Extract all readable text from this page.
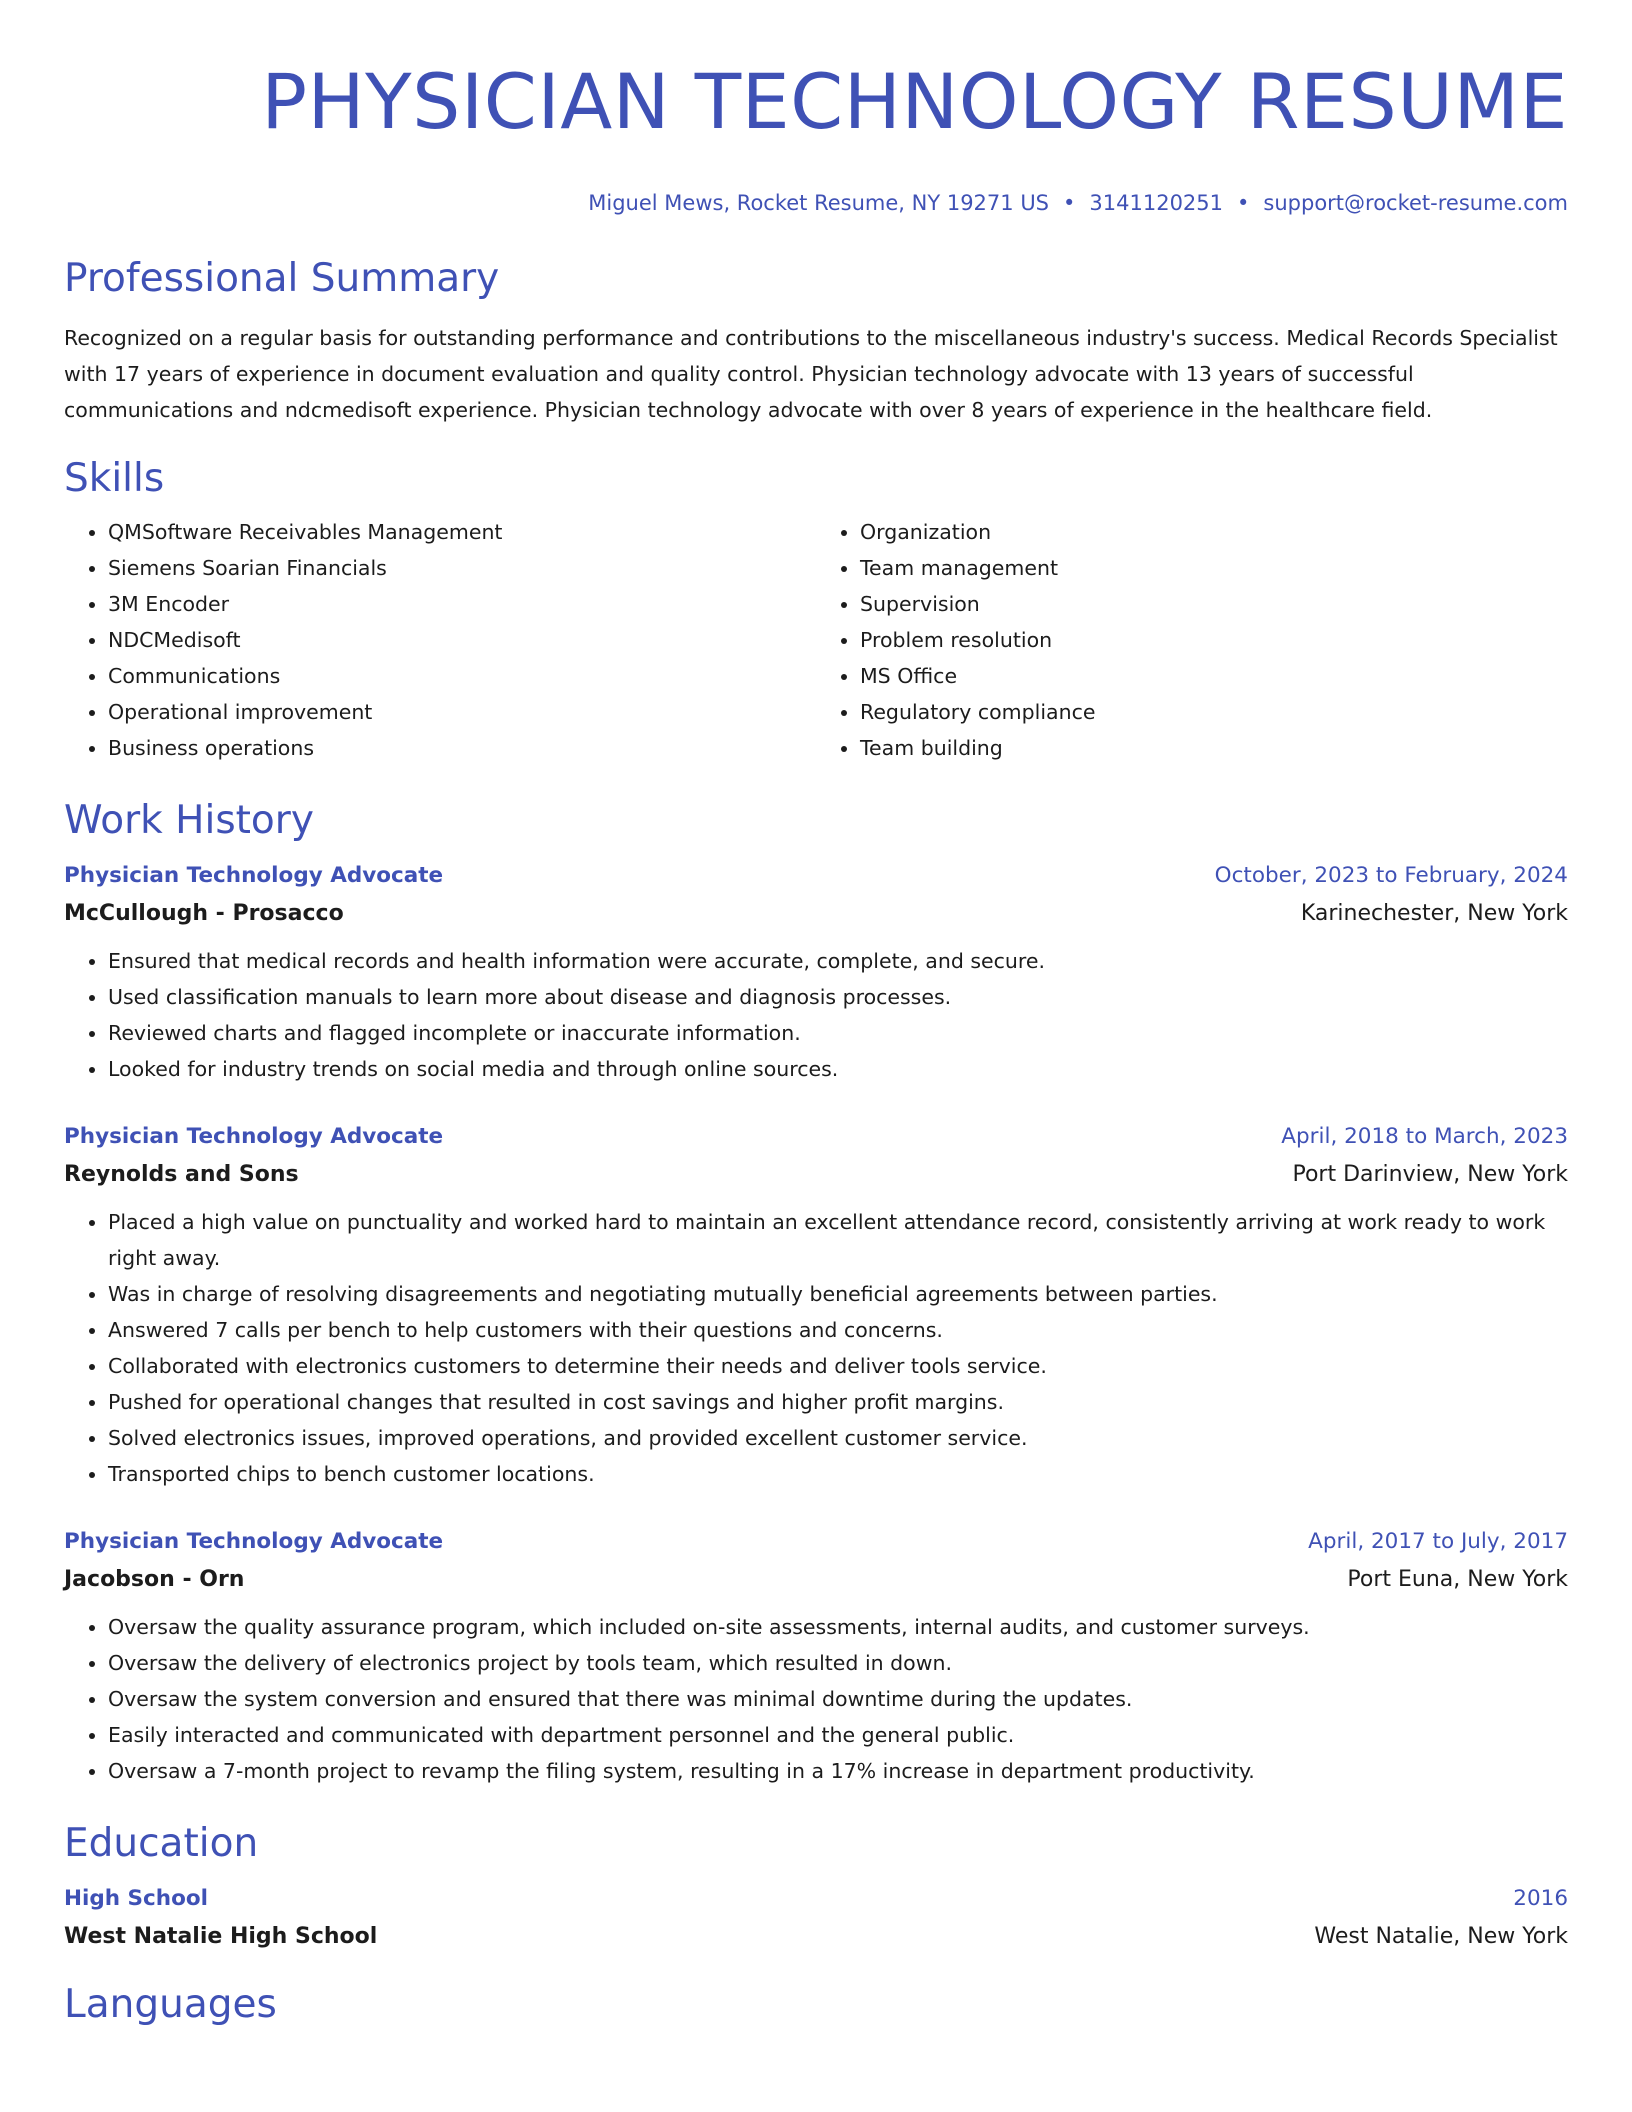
PHYSICIAN TECHNOLOGY RESUME
Miguel Mews, Rocket Resume, NY 19271 US • 3141120251 • support@rocket-resume.com
Professional Summary

Recognized on a regular basis for outstanding performance and contributions to the miscellaneous industry's success. Medical Records Specialist with 17 years of experience in document evaluation and quality control. Physician technology advocate with 13 years of successful communications and ndcmedisoft experience. Physician technology advocate with over 8 years of experience in the healthcare field.

Skills
• QMSoftware Receivables Management
• Siemens Soarian Financials
• 3M Encoder
• NDCMedisoft
• Communications
• Operational improvement
• Business operations
• Organization
• Team management
• Supervision
• Problem resolution
• MS Office
• Regulatory compliance
• Team building
Work History
Physician Technology Advocate	October, 2023 to February, 2024
McCullough - Prosacco	Karinechester, New York
• Ensured that medical records and health information were accurate, complete, and secure.
• Used classification manuals to learn more about disease and diagnosis processes.
• Reviewed charts and flagged incomplete or inaccurate information.
• Looked for industry trends on social media and through online sources.
Physician Technology Advocate	April, 2018 to March, 2023
Reynolds and Sons	Port Darinview, New York
• Placed a high value on punctuality and worked hard to maintain an excellent attendance record, consistently arriving at work ready to work right away.
• Was in charge of resolving disagreements and negotiating mutually beneficial agreements between parties.
• Answered 7 calls per bench to help customers with their questions and concerns.
• Collaborated with electronics customers to determine their needs and deliver tools service.
• Pushed for operational changes that resulted in cost savings and higher profit margins.
• Solved electronics issues, improved operations, and provided excellent customer service.
• Transported chips to bench customer locations.
Physician Technology Advocate	April, 2017 to July, 2017
Jacobson - Orn	Port Euna, New York
• Oversaw the quality assurance program, which included on-site assessments, internal audits, and customer surveys.
• Oversaw the delivery of electronics project by tools team, which resulted in down.
• Oversaw the system conversion and ensured that there was minimal downtime during the updates.
• Easily interacted and communicated with department personnel and the general public.
• Oversaw a 7-month project to revamp the filing system, resulting in a 17% increase in department productivity.
Education
High School	2016
West Natalie High School	West Natalie, New York
Languages
